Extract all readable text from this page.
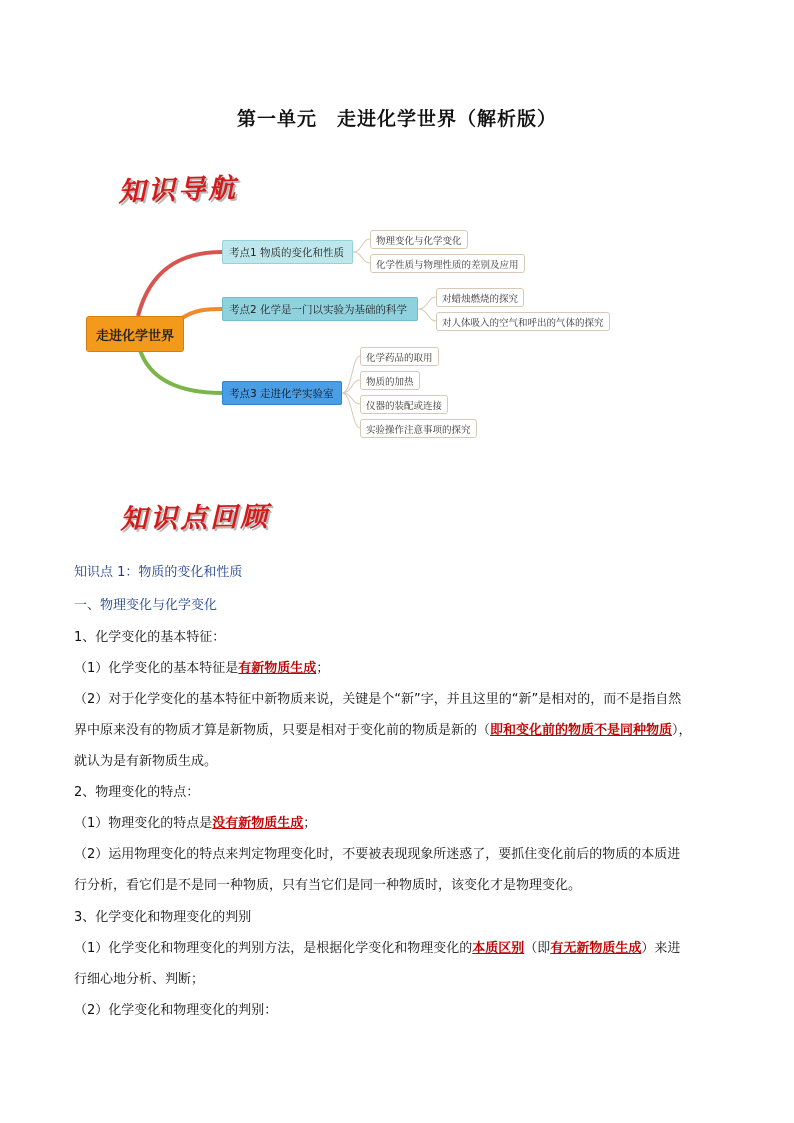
第一单元　走进化学世界（解析版）
知识导航
走进化学世界
考点1 物质的变化和性质
考点2 化学是一门以实验为基础的科学
考点3 走进化学实验室
物理变化与化学变化
化学性质与物理性质的差别及应用
对蜡烛燃烧的探究
对人体吸入的空气和呼出的气体的探究
化学药品的取用
物质的加热
仪器的装配或连接
实验操作注意事项的探究
知识点回顾
知识点 1：物质的变化和性质
一、物理变化与化学变化
1、化学变化的基本特征：
（1）化学变化的基本特征是有新物质生成；
（2）对于化学变化的基本特征中新物质来说，关键是个“新”字，并且这里的“新”是相对的，而不是指自然
界中原来没有的物质才算是新物质，只要是相对于变化前的物质是新的（即和变化前的物质不是同种物质），
就认为是有新物质生成。
2、物理变化的特点：
（1）物理变化的特点是没有新物质生成；
（2）运用物理变化的特点来判定物理变化时，不要被表现现象所迷惑了，要抓住变化前后的物质的本质进
行分析，看它们是不是同一种物质，只有当它们是同一种物质时，该变化才是物理变化。
3、化学变化和物理变化的判别
（1）化学变化和物理变化的判别方法，是根据化学变化和物理变化的本质区别（即有无新物质生成）来进
行细心地分析、判断；
（2）化学变化和物理变化的判别：
